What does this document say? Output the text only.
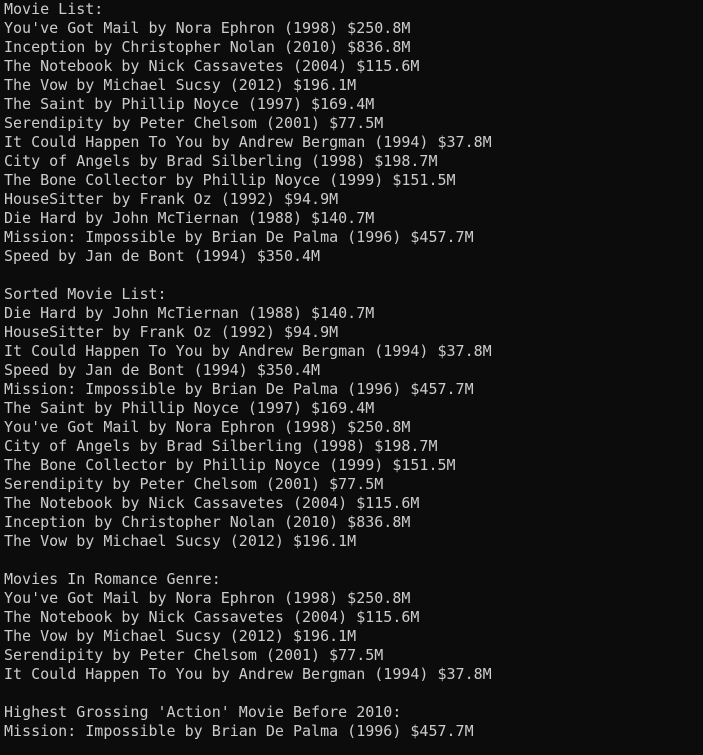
Movie List:
You've Got Mail by Nora Ephron (1998) $250.8M
Inception by Christopher Nolan (2010) $836.8M
The Notebook by Nick Cassavetes (2004) $115.6M
The Vow by Michael Sucsy (2012) $196.1M
The Saint by Phillip Noyce (1997) $169.4M
Serendipity by Peter Chelsom (2001) $77.5M
It Could Happen To You by Andrew Bergman (1994) $37.8M
City of Angels by Brad Silberling (1998) $198.7M
The Bone Collector by Phillip Noyce (1999) $151.5M
HouseSitter by Frank Oz (1992) $94.9M
Die Hard by John McTiernan (1988) $140.7M
Mission: Impossible by Brian De Palma (1996) $457.7M
Speed by Jan de Bont (1994) $350.4M
Sorted Movie List:
Die Hard by John McTiernan (1988) $140.7M
HouseSitter by Frank Oz (1992) $94.9M
It Could Happen To You by Andrew Bergman (1994) $37.8M
Speed by Jan de Bont (1994) $350.4M
Mission: Impossible by Brian De Palma (1996) $457.7M
The Saint by Phillip Noyce (1997) $169.4M
You've Got Mail by Nora Ephron (1998) $250.8M
City of Angels by Brad Silberling (1998) $198.7M
The Bone Collector by Phillip Noyce (1999) $151.5M
Serendipity by Peter Chelsom (2001) $77.5M
The Notebook by Nick Cassavetes (2004) $115.6M
Inception by Christopher Nolan (2010) $836.8M
The Vow by Michael Sucsy (2012) $196.1M
Movies In Romance Genre:
You've Got Mail by Nora Ephron (1998) $250.8M
The Notebook by Nick Cassavetes (2004) $115.6M
The Vow by Michael Sucsy (2012) $196.1M
Serendipity by Peter Chelsom (2001) $77.5M
It Could Happen To You by Andrew Bergman (1994) $37.8M
Highest Grossing 'Action' Movie Before 2010:
Mission: Impossible by Brian De Palma (1996) $457.7M
